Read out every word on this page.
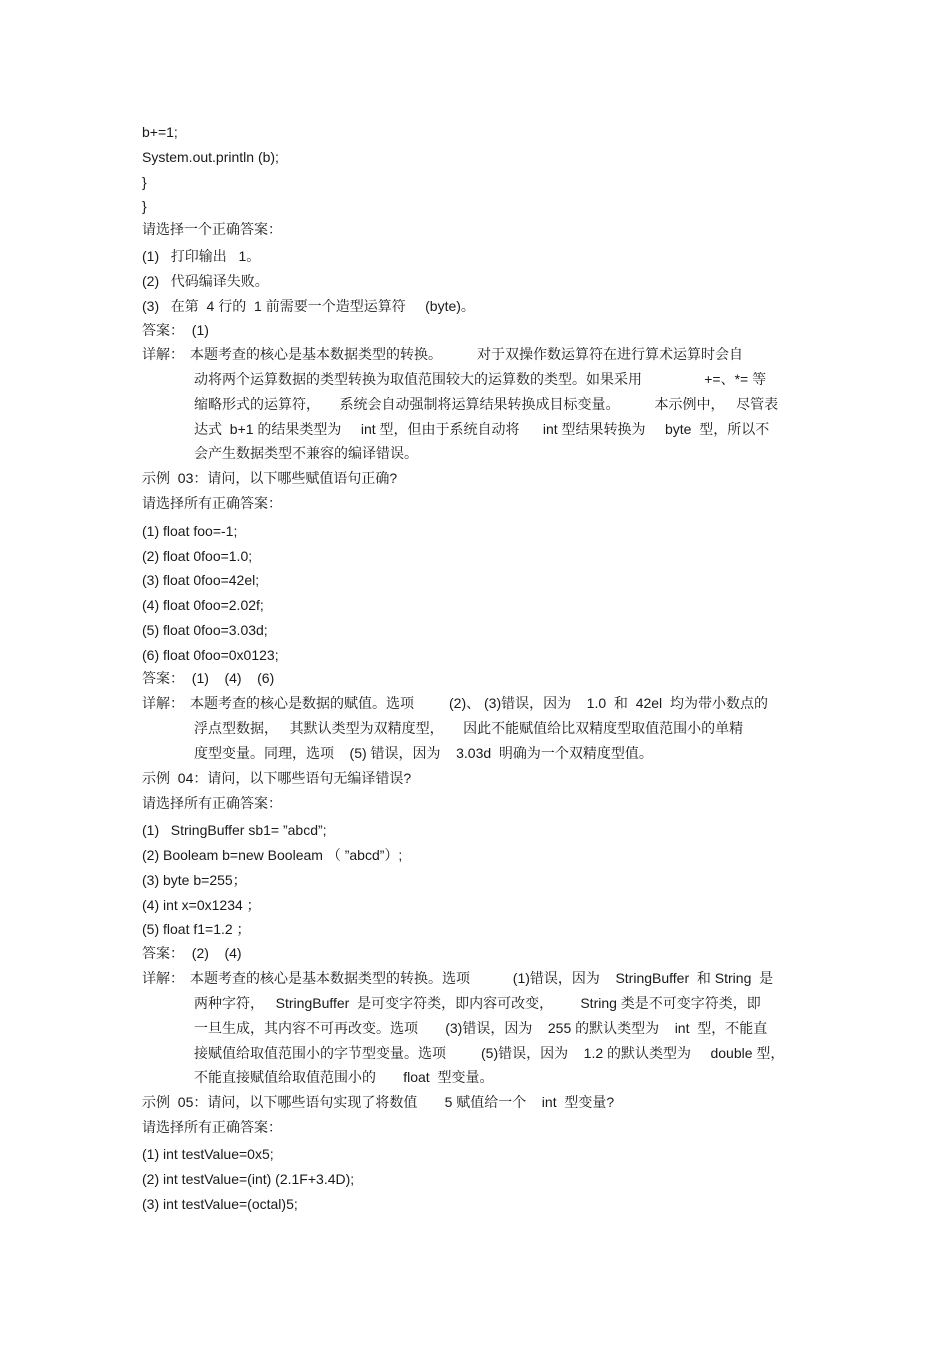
b+=1;
System.out.println (b);
}
}
请选择一个正确答案：
(1)   打印输出   1。
(2)   代码编译失败。
(3)   在第  4 行的  1 前需要一个造型运算符     (byte)。
答案：  (1)
详解： 本题考查的核心是基本数据类型的转换。         对于双操作数运算符在进行算术运算时会自
动将两个运算数据的类型转换为取值范围较大的运算数的类型。如果采用                +=、*= 等
缩略形式的运算符，     系统会自动强制将运算结果转换成目标变量。         本示例中，   尽管表
达式  b+1 的结果类型为     int 型，但由于系统自动将      int 型结果转换为     byte  型，所以不
会产生数据类型不兼容的编译错误。
示例  03：请问，以下哪些赋值语句正确?
请选择所有正确答案：
(1) float foo=-1;
(2) float 0foo=1.0;
(3) float 0foo=42el;
(4) float 0foo=2.02f;
(5) float 0foo=3.03d;
(6) float 0foo=0x0123;
答案：  (1)    (4)    (6)
详解： 本题考查的核心是数据的赋值。选项         (2)、 (3)错误，因为    1.0  和  42el  均为带小数点的
浮点型数据，   其默认类型为双精度型，     因此不能赋值给比双精度型取值范围小的单精
度型变量。同理，选项    (5) 错误，因为    3.03d  明确为一个双精度型值。
示例  04：请问，以下哪些语句无编译错误?
请选择所有正确答案：
(1)   StringBuffer sb1= ”abcd”;
(2) Booleam b=new Booleam （ ”abcd”）;
(3) byte b=255；
(4) int x=0x1234 ；
(5) float f1=1.2 ；
答案：  (2)    (4)
详解： 本题考查的核心是基本数据类型的转换。选项           (1)错误，因为    StringBuffer  和 String  是
两种字符，   StringBuffer  是可变字符类，即内容可改变，       String 类是不可变字符类，即
一旦生成，其内容不可再改变。选项       (3)错误，因为    255 的默认类型为    int  型，不能直
接赋值给取值范围小的字节型变量。选项         (5)错误，因为    1.2 的默认类型为     double 型，
不能直接赋值给取值范围小的       float  型变量。
示例  05：请问，以下哪些语句实现了将数值       5 赋值给一个    int  型变量?
请选择所有正确答案：
(1) int testValue=0x5;
(2) int testValue=(int) (2.1F+3.4D);
(3) int testValue=(octal)5;
